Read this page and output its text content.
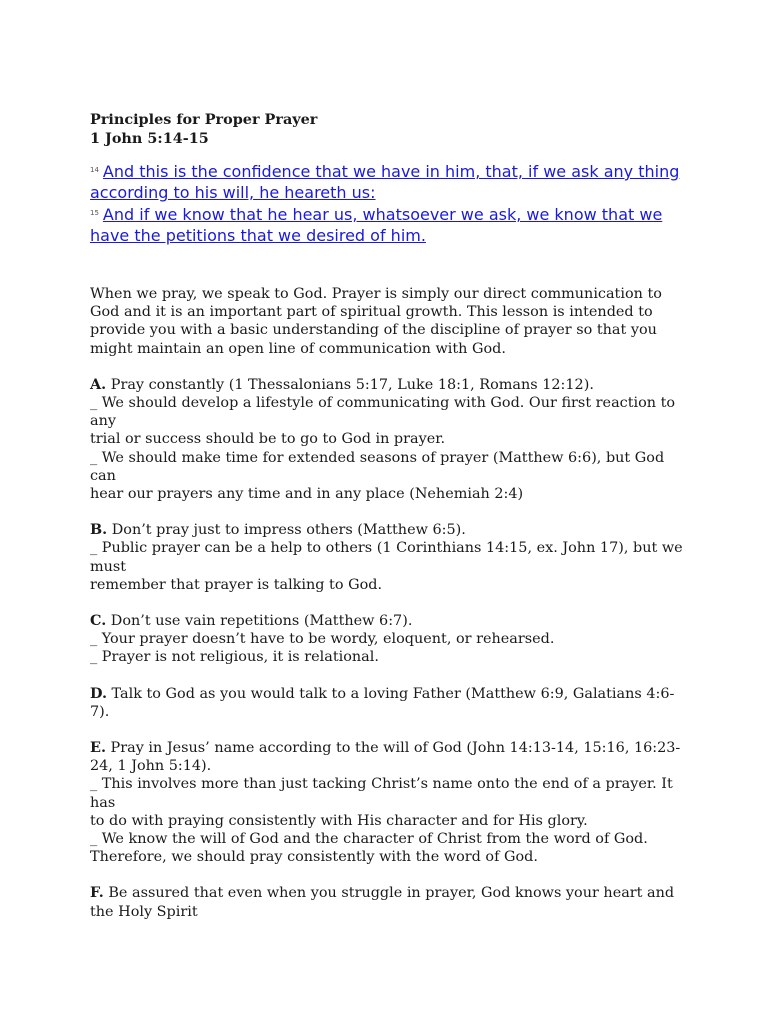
Principles for Proper Prayer
1 John 5:14-15
$^{14}$ And this is the confidence that we have in him, that, if we ask any thing according to his will, he heareth us:
$^{15}$ And if we know that he hear us, whatsoever we ask, we know that we have the petitions that we desired of him.
When we pray, we speak to God. Prayer is simply our direct communication to God and it is an important part of spiritual growth. This lesson is intended to provide you with a basic understanding of the discipline of prayer so that you might maintain an open line of communication with God.
A. Pray constantly (1 Thessalonians 5:17, Luke 18:1, Romans 12:12).
_ We should develop a lifestyle of communicating with God. Our first reaction to any
trial or success should be to go to God in prayer.
_ We should make time for extended seasons of prayer (Matthew 6:6), but God can
hear our prayers any time and in any place (Nehemiah 2:4)
B. Don’t pray just to impress others (Matthew 6:5).
_ Public prayer can be a help to others (1 Corinthians 14:15, ex. John 17), but we must
remember that prayer is talking to God.
C. Don’t use vain repetitions (Matthew 6:7).
_ Your prayer doesn’t have to be wordy, eloquent, or rehearsed.
_ Prayer is not religious, it is relational.
D. Talk to God as you would talk to a loving Father (Matthew 6:9, Galatians 4:6-7).
E. Pray in Jesus’ name according to the will of God (John 14:13-14, 15:16, 16:23-24, 1 John 5:14).
_ This involves more than just tacking Christ’s name onto the end of a prayer. It has
to do with praying consistently with His character and for His glory.
_ We know the will of God and the character of Christ from the word of God. Therefore, we should pray consistently with the word of God.
F. Be assured that even when you struggle in prayer, God knows your heart and the Holy Spirit
